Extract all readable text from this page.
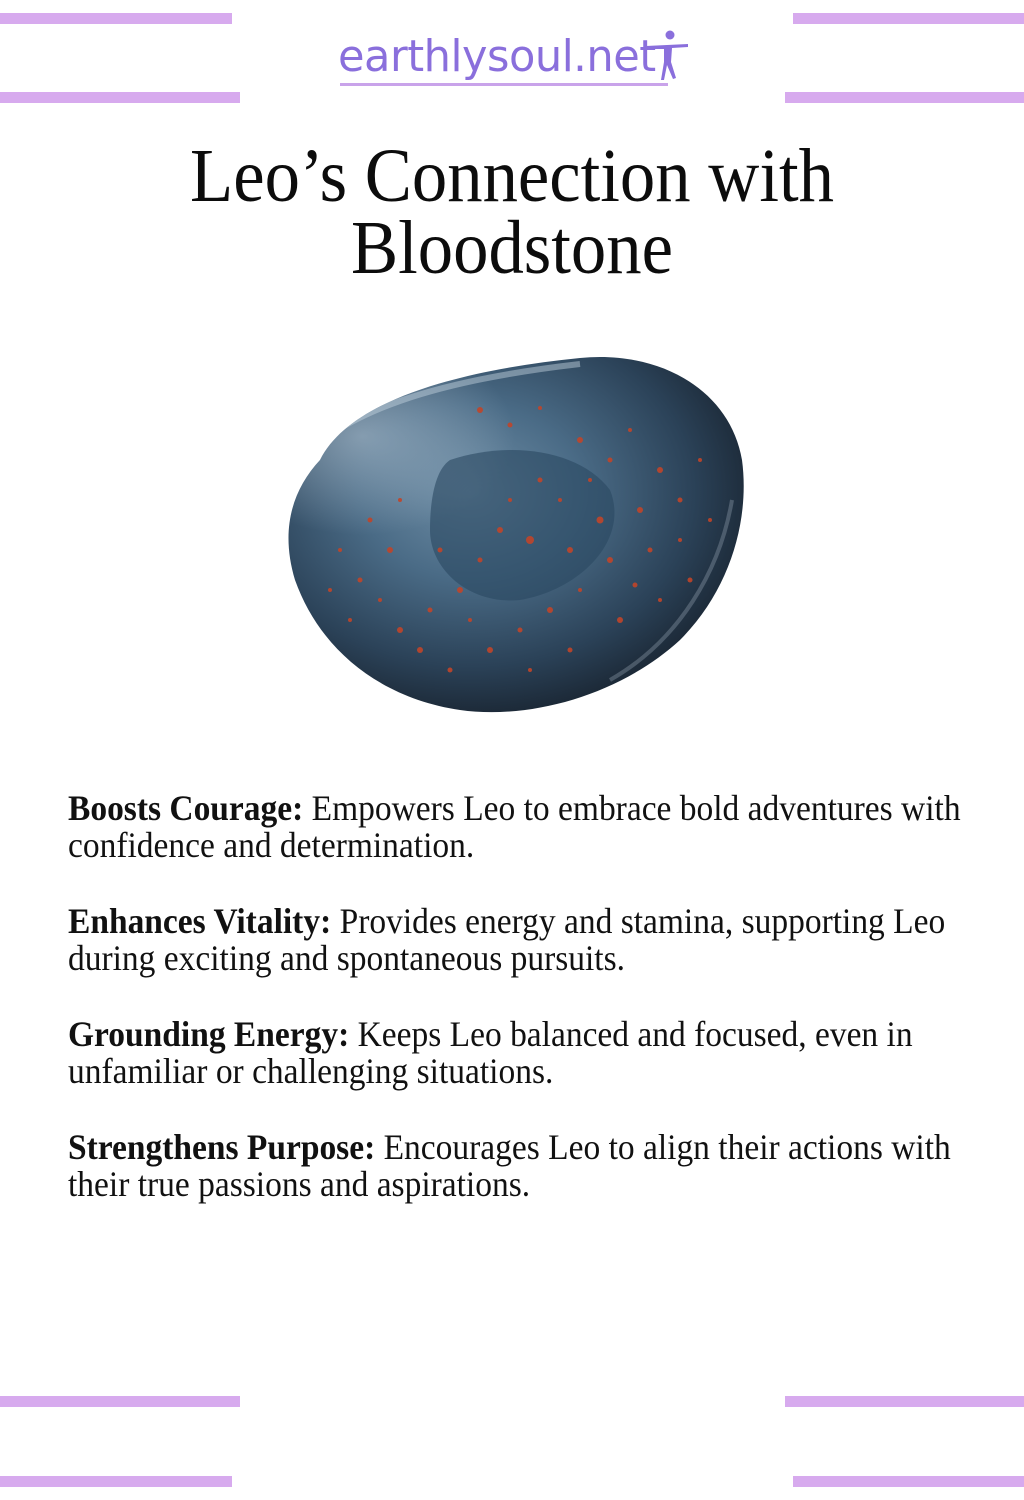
earthlysoul.net
Leo’s Connection with
Bloodstone
Boosts Courage: Empowers Leo to embrace bold adventures with confidence and determination.
Enhances Vitality: Provides energy and stamina, supporting Leo during exciting and spontaneous pursuits.
Grounding Energy: Keeps Leo balanced and focused, even in unfamiliar or challenging situations.
Strengthens Purpose: Encourages Leo to align their actions with their true passions and aspirations.
